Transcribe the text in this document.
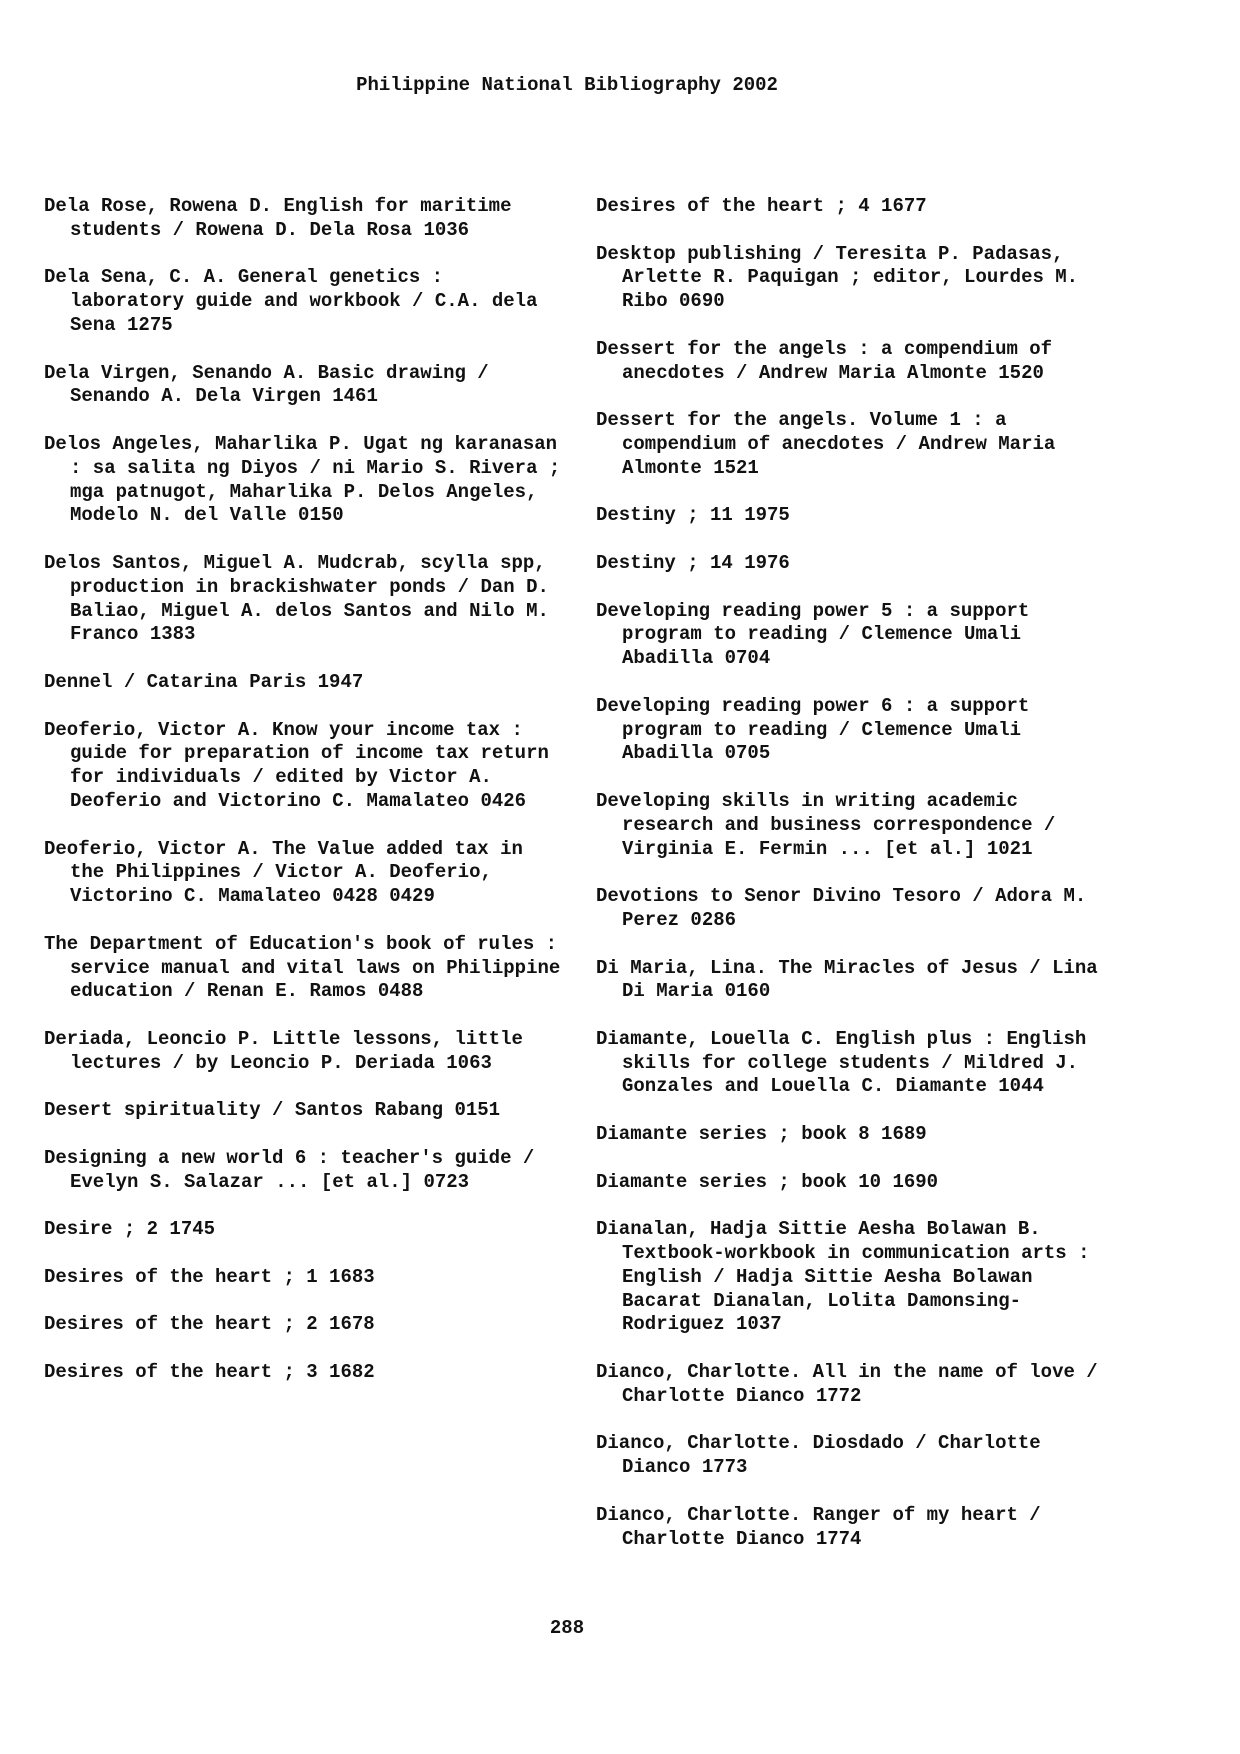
Philippine National Bibliography 2002
Dela Rose, Rowena D. English for maritime students / Rowena D. Dela Rosa 1036
Dela Sena, C. A. General genetics : laboratory guide and workbook / C.A. dela Sena 1275
Dela Virgen, Senando A. Basic drawing / Senando A. Dela Virgen 1461
Delos Angeles, Maharlika P. Ugat ng karanasan : sa salita ng Diyos / ni Mario S. Rivera ; mga patnugot, Maharlika P. Delos Angeles, Modelo N. del Valle 0150
Delos Santos, Miguel A. Mudcrab, scylla spp, production in brackishwater ponds / Dan D. Baliao, Miguel A. delos Santos and Nilo M. Franco 1383
Dennel / Catarina Paris 1947
Deoferio, Victor A. Know your income tax : guide for preparation of income tax return for individuals / edited by Victor A. Deoferio and Victorino C. Mamalateo 0426
Deoferio, Victor A. The Value added tax in the Philippines / Victor A. Deoferio, Victorino C. Mamalateo 0428 0429
The Department of Education's book of rules : service manual and vital laws on Philippine education / Renan E. Ramos 0488
Deriada, Leoncio P. Little lessons, little lectures / by Leoncio P. Deriada 1063
Desert spirituality / Santos Rabang 0151
Designing a new world 6 : teacher's guide / Evelyn S. Salazar ... [et al.] 0723
Desire ; 2 1745
Desires of the heart ; 1 1683
Desires of the heart ; 2 1678
Desires of the heart ; 3 1682
Desires of the heart ; 4 1677
Desktop publishing / Teresita P. Padasas, Arlette R. Paquigan ; editor, Lourdes M. Ribo 0690
Dessert for the angels : a compendium of anecdotes / Andrew Maria Almonte 1520
Dessert for the angels. Volume 1 : a compendium of anecdotes / Andrew Maria Almonte 1521
Destiny ; 11 1975
Destiny ; 14 1976
Developing reading power 5 : a support program to reading / Clemence Umali Abadilla 0704
Developing reading power 6 : a support program to reading / Clemence Umali Abadilla 0705
Developing skills in writing academic research and business correspondence / Virginia E. Fermin ... [et al.] 1021
Devotions to Senor Divino Tesoro / Adora M. Perez 0286
Di Maria, Lina. The Miracles of Jesus / Lina Di Maria 0160
Diamante, Louella C. English plus : English skills for college students / Mildred J. Gonzales and Louella C. Diamante 1044
Diamante series ; book 8 1689
Diamante series ; book 10 1690
Dianalan, Hadja Sittie Aesha Bolawan B. Textbook-workbook in communication arts : English / Hadja Sittie Aesha Bolawan Bacarat Dianalan, Lolita Damonsing-Rodriguez 1037
Dianco, Charlotte. All in the name of love / Charlotte Dianco 1772
Dianco, Charlotte. Diosdado / Charlotte Dianco 1773
Dianco, Charlotte. Ranger of my heart / Charlotte Dianco 1774
288
